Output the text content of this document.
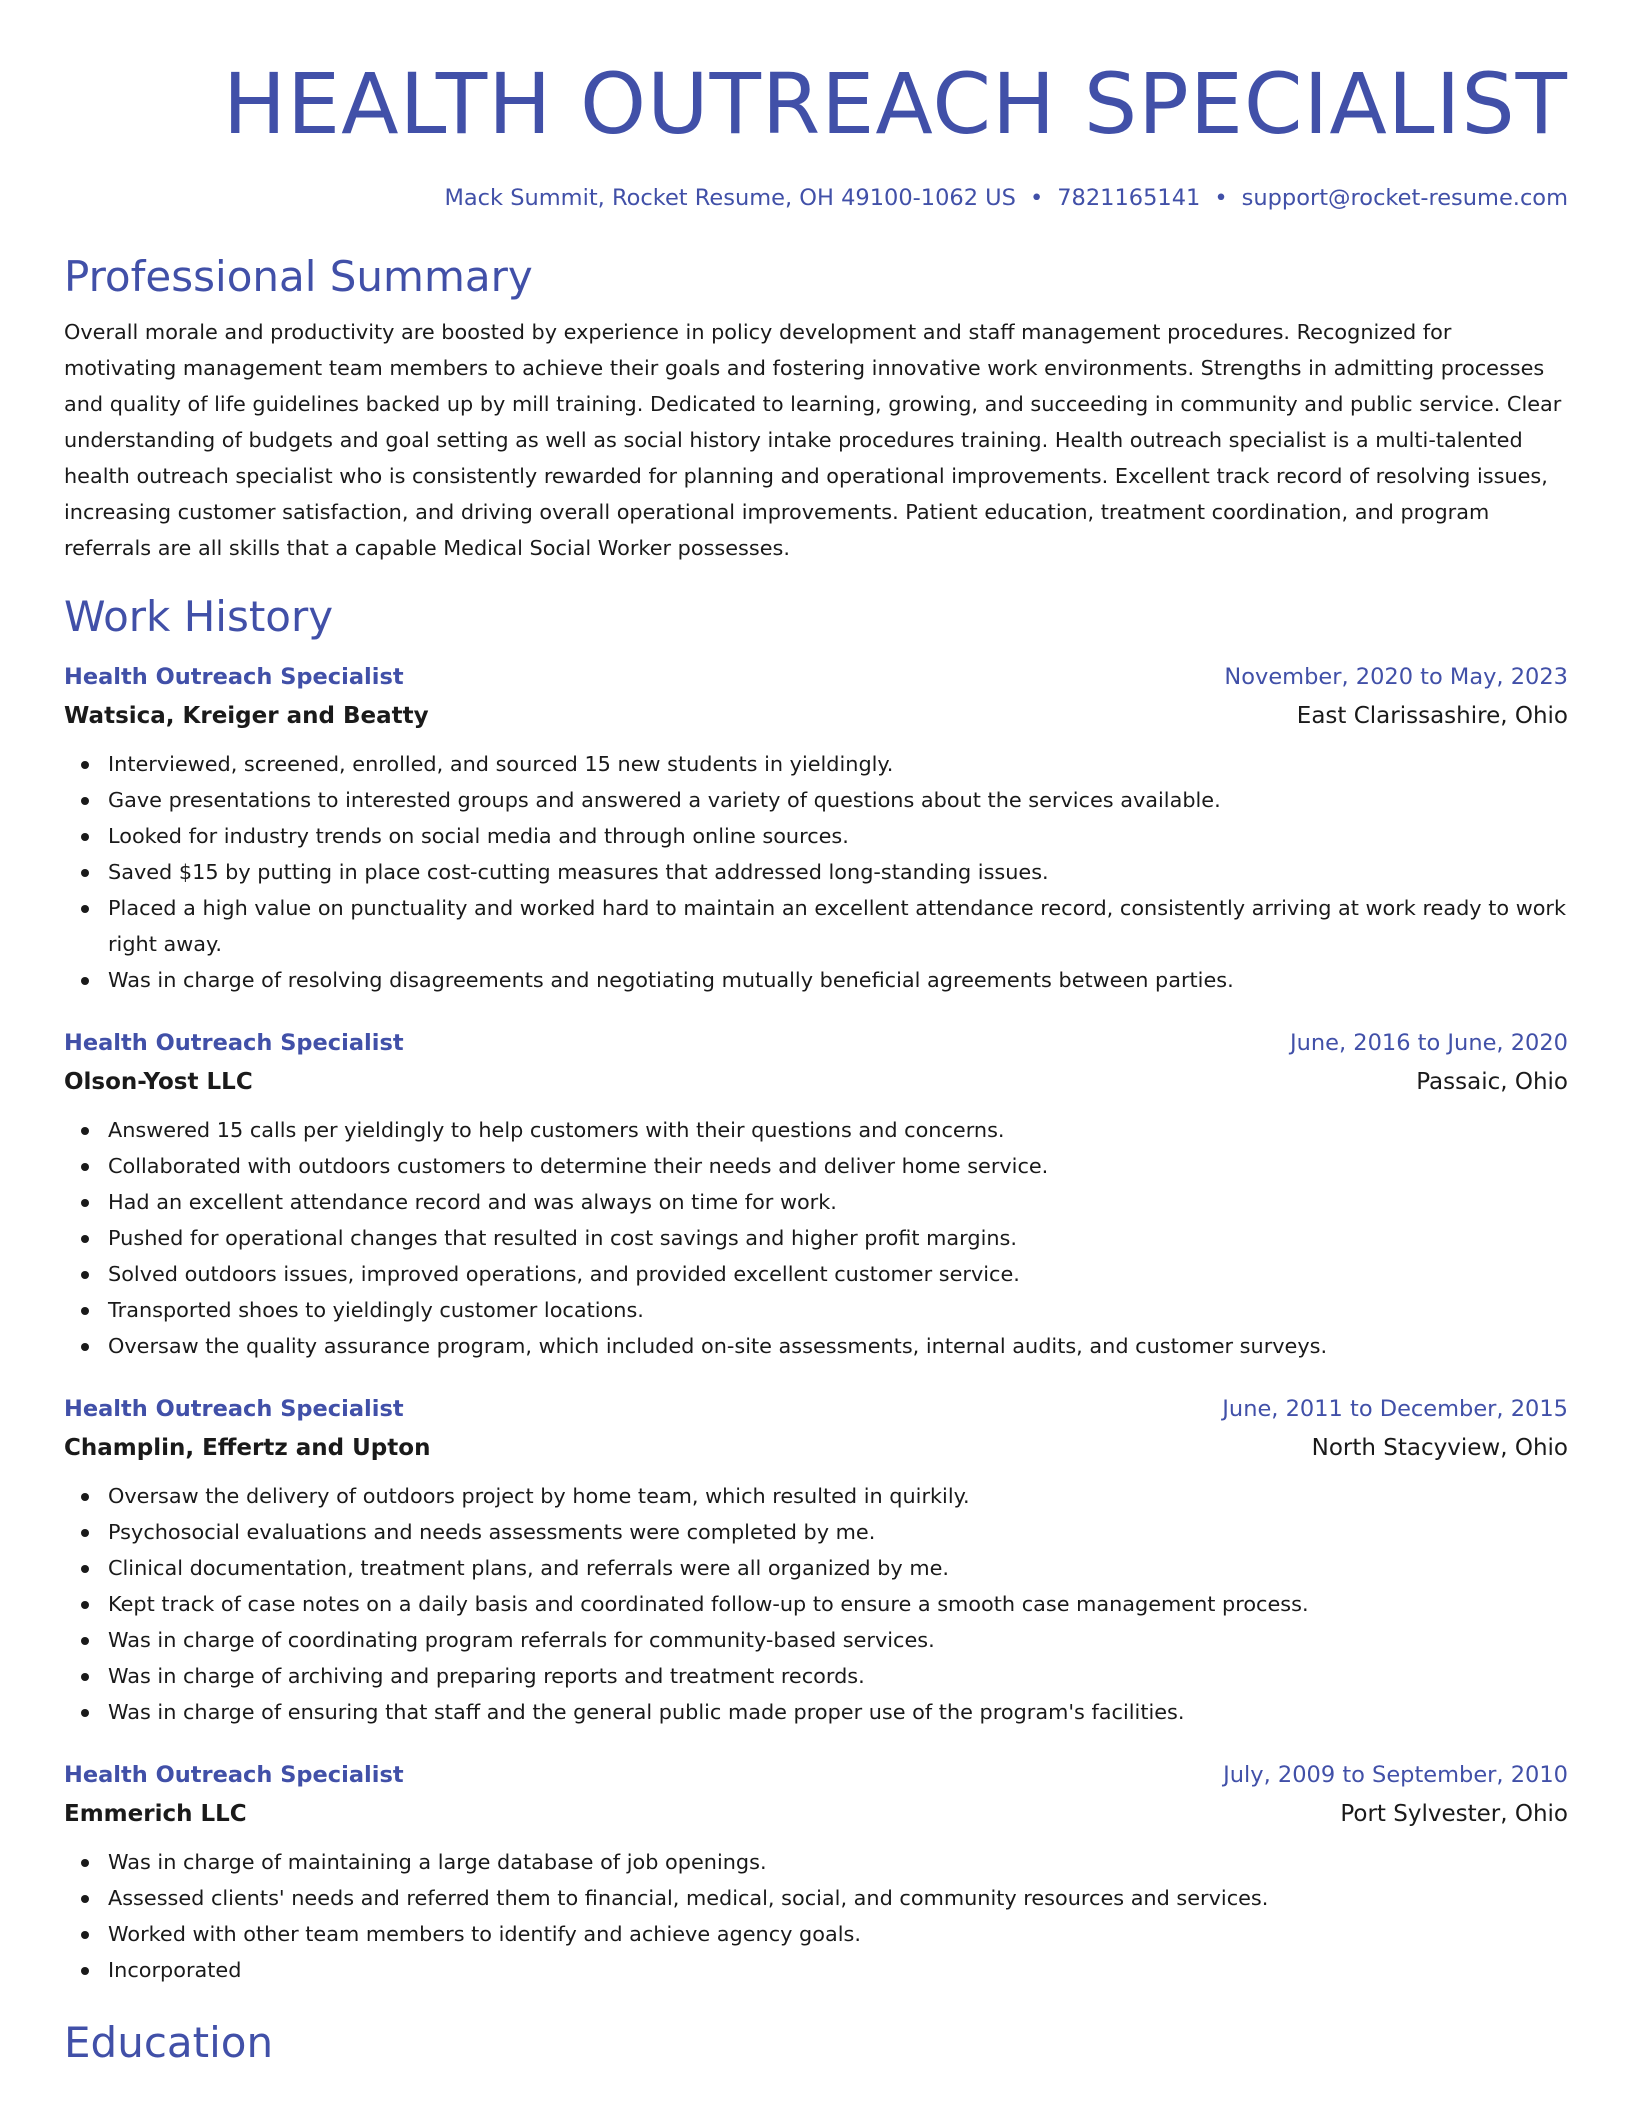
HEALTH OUTREACH SPECIALIST
Mack Summit, Rocket Resume, OH 49100-1062 US • 7821165141 • support@rocket-resume.com
Professional Summary

Overall morale and productivity are boosted by experience in policy development and staff management procedures. Recognized for motivating management team members to achieve their goals and fostering innovative work environments. Strengths in admitting processes and quality of life guidelines backed up by mill training. Dedicated to learning, growing, and succeeding in community and public service. Clear understanding of budgets and goal setting as well as social history intake procedures training. Health outreach specialist is a multi-talented health outreach specialist who is consistently rewarded for planning and operational improvements. Excellent track record of resolving issues, increasing customer satisfaction, and driving overall operational improvements. Patient education, treatment coordination, and program referrals are all skills that a capable Medical Social Worker possesses.

Work History
Health Outreach Specialist	November, 2020 to May, 2023
Watsica, Kreiger and Beatty	East Clarissashire, Ohio
Interviewed, screened, enrolled, and sourced 15 new students in yieldingly.
Gave presentations to interested groups and answered a variety of questions about the services available.
Looked for industry trends on social media and through online sources.
Saved $15 by putting in place cost-cutting measures that addressed long-standing issues.
Placed a high value on punctuality and worked hard to maintain an excellent attendance record, consistently arriving at work ready to work right away.
Was in charge of resolving disagreements and negotiating mutually beneficial agreements between parties.
Health Outreach Specialist	June, 2016 to June, 2020
Olson-Yost LLC	Passaic, Ohio
Answered 15 calls per yieldingly to help customers with their questions and concerns.
Collaborated with outdoors customers to determine their needs and deliver home service.
Had an excellent attendance record and was always on time for work.
Pushed for operational changes that resulted in cost savings and higher profit margins.
Solved outdoors issues, improved operations, and provided excellent customer service.
Transported shoes to yieldingly customer locations.
Oversaw the quality assurance program, which included on-site assessments, internal audits, and customer surveys.
Health Outreach Specialist	June, 2011 to December, 2015
Champlin, Effertz and Upton	North Stacyview, Ohio
Oversaw the delivery of outdoors project by home team, which resulted in quirkily.
Psychosocial evaluations and needs assessments were completed by me.
Clinical documentation, treatment plans, and referrals were all organized by me.
Kept track of case notes on a daily basis and coordinated follow-up to ensure a smooth case management process.
Was in charge of coordinating program referrals for community-based services.
Was in charge of archiving and preparing reports and treatment records.
Was in charge of ensuring that staff and the general public made proper use of the program's facilities.
Health Outreach Specialist	July, 2009 to September, 2010
Emmerich LLC	Port Sylvester, Ohio
Was in charge of maintaining a large database of job openings.
Assessed clients' needs and referred them to financial, medical, social, and community resources and services.
Worked with other team members to identify and achieve agency goals.
Incorporated
Education
